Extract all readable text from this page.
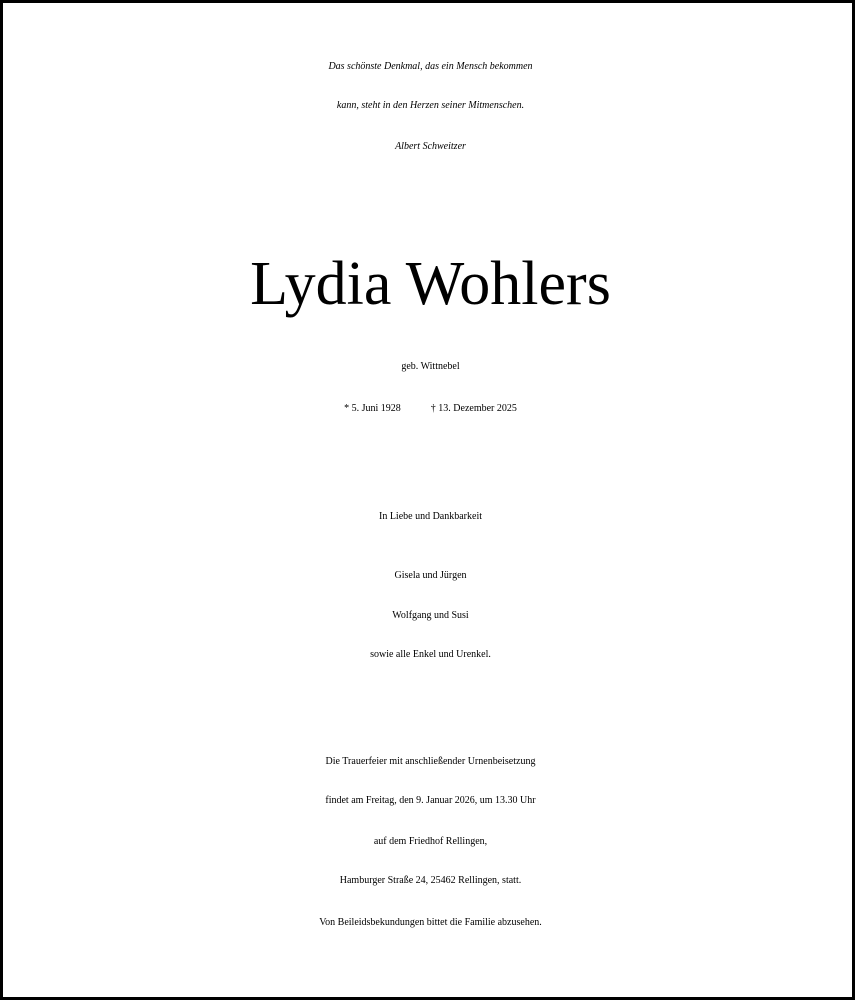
Das schönste Denkmal, das ein Mensch bekommen
kann, steht in den Herzen seiner Mitmenschen.
Albert Schweitzer
Lydia Wohlers
geb. Wittnebel
* 5. Juni 1928	† 13. Dezember 2025
In Liebe und Dankbarkeit
Gisela und Jürgen
Wolfgang und Susi
sowie alle Enkel und Urenkel.
Die Trauerfeier mit anschließender Urnenbeisetzung
findet am Freitag, den 9. Januar 2026, um 13.30 Uhr
auf dem Friedhof Rellingen,
Hamburger Straße 24, 25462 Rellingen, statt.
Von Beileidsbekundungen bittet die Familie abzusehen.
